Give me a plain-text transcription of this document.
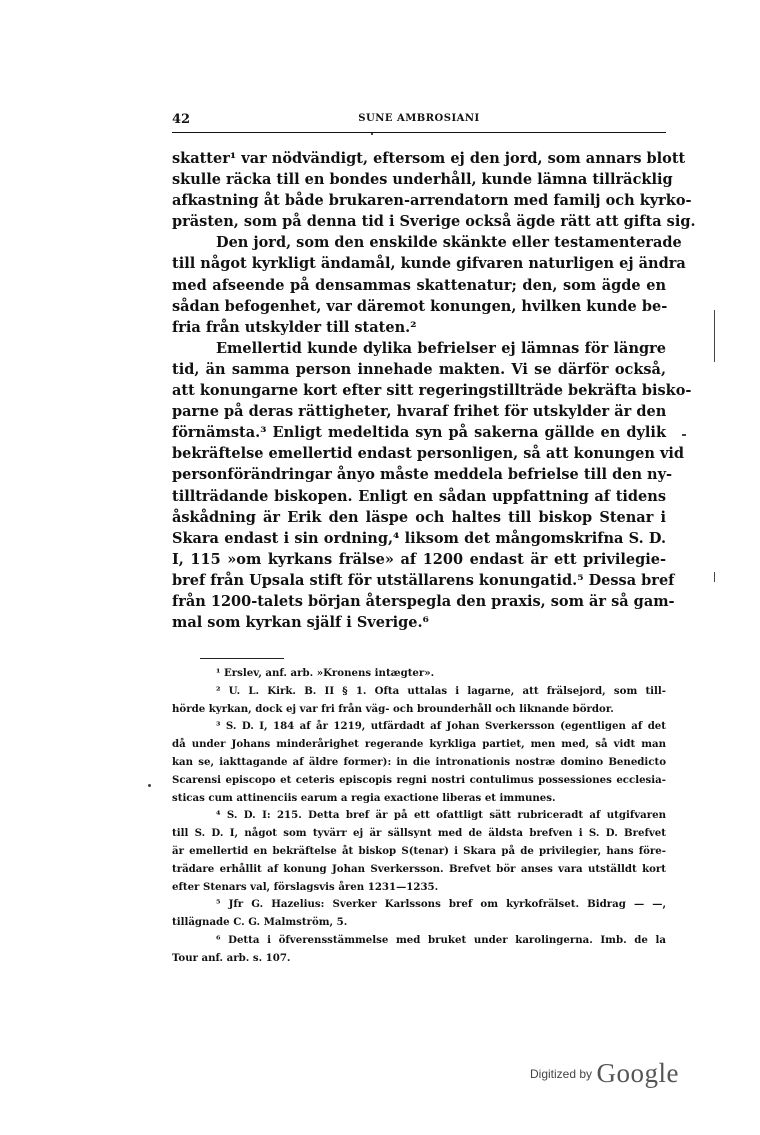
42	SUNE AMBROSIANI
skatter¹ var nödvändigt, eftersom ej den jord, som annars blott
skulle räcka till en bondes underhåll, kunde lämna tillräcklig
afkastning åt både brukaren-arrendatorn med familj och kyrko-
prästen, som på denna tid i Sverige också ägde rätt att gifta sig.
Den jord, som den enskilde skänkte eller testamenterade
till något kyrkligt ändamål, kunde gifvaren naturligen ej ändra
med afseende på densammas skattenatur; den, som ägde en
sådan befogenhet, var däremot konungen, hvilken kunde be-
fria från utskylder till staten.²
Emellertid kunde dylika befrielser ej lämnas för längre
tid, än samma person innehade makten. Vi se därför också,
att konungarne kort efter sitt regeringstillträde bekräfta bisko-
parne på deras rättigheter, hvaraf frihet för utskylder är den
förnämsta.³ Enligt medeltida syn på sakerna gällde en dylik
bekräftelse emellertid endast personligen, så att konungen vid
personförändringar ånyo måste meddela befrielse till den ny-
tillträdande biskopen. Enligt en sådan uppfattning af tidens
åskådning är Erik den läspe och haltes till biskop Stenar i
Skara endast i sin ordning,⁴ liksom det mångomskrifna S. D.
I, 115 »om kyrkans frälse» af 1200 endast är ett privilegie-
bref från Upsala stift för utställarens konungatid.⁵ Dessa bref
från 1200-talets början återspegla den praxis, som är så gam-
mal som kyrkan själf i Sverige.⁶
¹ Erslev, anf. arb. »Kronens intægter».
² U. L. Kirk. B. II § 1. Ofta uttalas i lagarne, att frälsejord, som till-
hörde kyrkan, dock ej var fri från väg- och brounderhåll och liknande bördor.
³ S. D. I, 184 af år 1219, utfärdadt af Johan Sverkersson (egentligen af det
då under Johans minderårighet regerande kyrkliga partiet, men med, så vidt man
kan se, iakttagande af äldre former): in die intronationis nostræ domino Benedicto
Scarensi episcopo et ceteris episcopis regni nostri contulimus possessiones ecclesia-
sticas cum attinenciis earum a regia exactione liberas et immunes.
⁴ S. D. I: 215. Detta bref är på ett ofattligt sätt rubriceradt af utgifvaren
till S. D. I, något som tyvärr ej är sällsynt med de äldsta brefven i S. D. Brefvet
är emellertid en bekräftelse åt biskop S(tenar) i Skara på de privilegier, hans före-
trädare erhållit af konung Johan Sverkersson. Brefvet bör anses vara utställdt kort
efter Stenars val, förslagsvis åren 1231—1235.
⁵ Jfr G. Hazelius: Sverker Karlssons bref om kyrkofrälset. Bidrag — —,
tillägnade C. G. Malmström, 5.
⁶ Detta i öfverensstämmelse med bruket under karolingerna. Imb. de la
Tour anf. arb. s. 107.
$^{Digitized by}$ Google
